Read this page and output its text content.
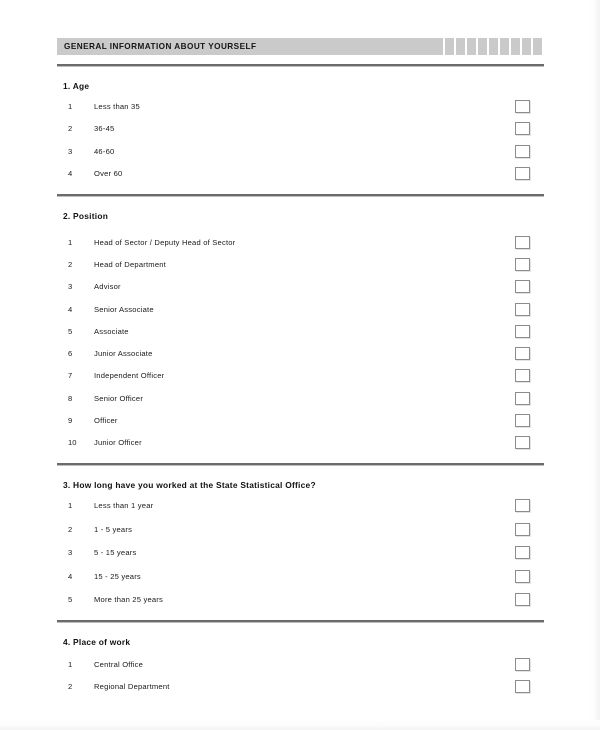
GENERAL INFORMATION ABOUT YOURSELF
1. Age
1	Less than 35
2	36-45
3	46-60
4	Over 60
2. Position
1	Head of Sector / Deputy Head of Sector
2	Head of Department
3	Advisor
4	Senior Associate
5	Associate
6	Junior Associate
7	Independent Officer
8	Senior Officer
9	Officer
10	Junior Officer
3. How long have you worked at the State Statistical Office?
1	Less than 1 year
2	1 - 5 years
3	5 - 15 years
4	15 - 25 years
5	More than 25 years
4. Place of work
1	Central Office
2	Regional Department
